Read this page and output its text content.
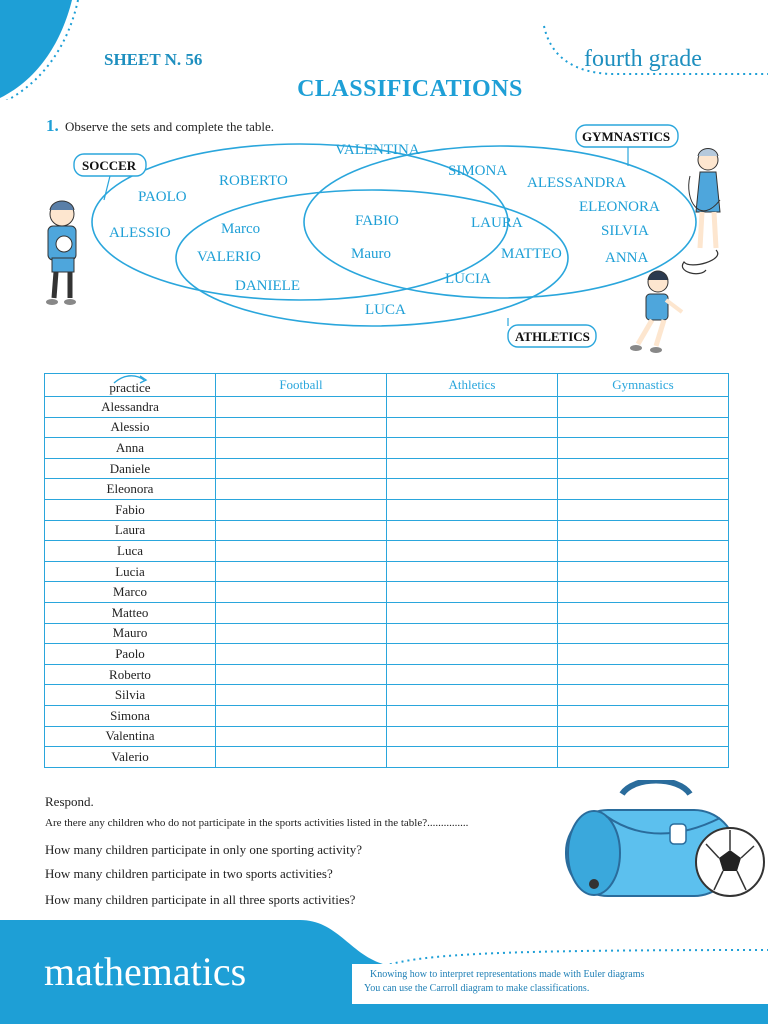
SHEET N. 56	fourth grade
CLASSIFICATIONS
1. Observe the sets and complete the table.
SOCCER
GYMNASTICS
ATHLETICS
VALENTINA
ROBERTO
PAOLO
ALESSIO
SIMONA
ALESSANDRA
ELEONORA
SILVIA
ANNA
FABIO
Mauro
Marco
VALERIO
DANIELE
LAURA
MATTEO
LUCIA
LUCA
practice	Football	Athletics	Gymnastics
Alessandra			
Alessio			
Anna			
Daniele			
Eleonora			
Fabio			
Laura			
Luca			
Lucia			
Marco			
Matteo			
Mauro			
Paolo			
Roberto			
Silvia			
Simona			
Valentina			
Valerio			
Respond.
Are there any children who do not participate in the sports activities listed in the table?...............
How many children participate in only one sporting activity?
How many children participate in two sports activities?
How many children participate in all three sports activities?
mathematics	Knowing how to interpret representations made with Euler diagrams
You can use the Carroll diagram to make classifications.
